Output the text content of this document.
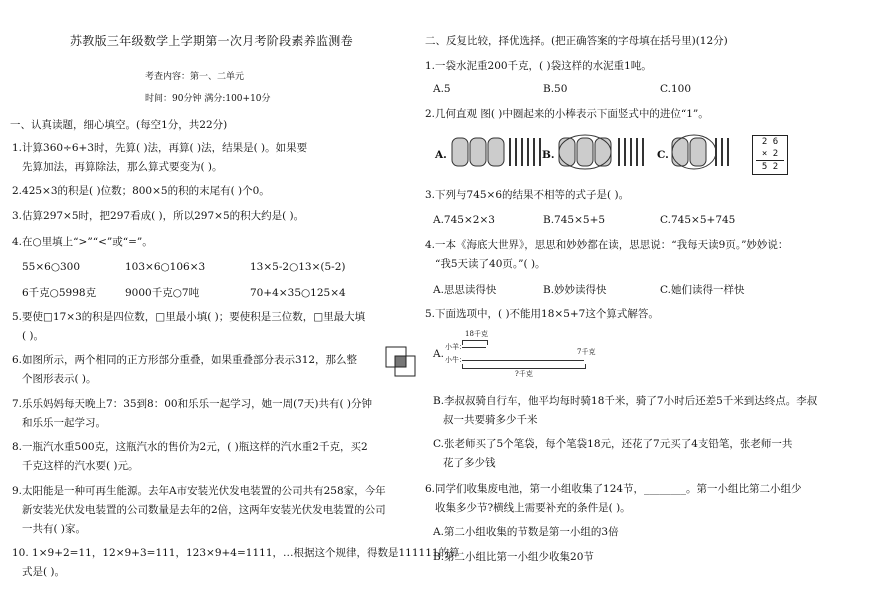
苏教版三年级数学上学期第一次月考阶段素养监测卷
考查内容：第一、二单元
时间：90分钟 满分:100+10分
一、认真读题，细心填空。(每空1分，共22分)
1.计算360÷6+3时，先算( )法，再算( )法，结果是( )。如果要
先算加法，再算除法，那么算式要变为( )。
2.425×3的积是( )位数；800×5的积的末尾有( )个0。
3.估算297×5时，把297看成( )，所以297×5的积大约是( )。
4.在○里填上“>”“<”或“=”。
55×6○300	103×6○106×3	13×5-2○13×(5-2)
6千克○5998克	9000千克○7吨	70+4×35○125×4
5.要使□17×3的积是四位数，□里最小填( )；要使积是三位数，□里最大填
( )。
6.如图所示，两个相同的正方形部分重叠，如果重叠部分表示312，那么整
个图形表示( )。
7.乐乐妈妈每天晚上7：35到8：00和乐乐一起学习，她一周(7天)共有( )分钟
和乐乐一起学习。
8.一瓶汽水重500克，这瓶汽水的售价为2元，( )瓶这样的汽水重2千克，买2
千克这样的汽水要( )元。
9.太阳能是一种可再生能源。去年A市安装光伏发电装置的公司共有258家，今年
新安装光伏发电装置的公司数量是去年的2倍，这两年安装光伏发电装置的公司
一共有( )家。
10. 1×9+2=11，12×9+3=111，123×9+4=1111，…根据这个规律，得数是111111的算
式是( )。
二、反复比较，择优选择。(把正确答案的字母填在括号里)(12分)
1.一袋水泥重200千克，( )袋这样的水泥重1吨。
A.5	B.50	C.100
2.几何直观 图( )中圈起来的小棒表示下面竖式中的进位“1”。
A.	B.	C.
2 6
× 2
5 2
3.下列与745×6的结果不相等的式子是( )。
A.745×2×3	B.745×5+5	C.745×5+745
4.一本《海底大世界》，思思和妙妙都在读，思思说：“我每天读9页。”妙妙说：
“我5天读了40页。”( )。
A.思思读得快	B.妙妙读得快	C.她们读得一样快
5.下面选项中，( )不能用18×5+7这个算式解答。
A.
18千克
小羊：
7千克
小牛：
?千克
B.李叔叔骑自行车，他平均每时骑18千米，骑了7小时后还差5千米到达终点。李叔
叔一共要骑多少千米
C.张老师买了5个笔袋，每个笔袋18元，还花了7元买了4支铅笔，张老师一共
花了多少钱
6.同学们收集废电池，第一小组收集了124节，________。第一小组比第二小组少
收集多少节?横线上需要补充的条件是( )。
A.第二小组收集的节数是第一小组的3倍
B.第二小组比第一小组少收集20节
